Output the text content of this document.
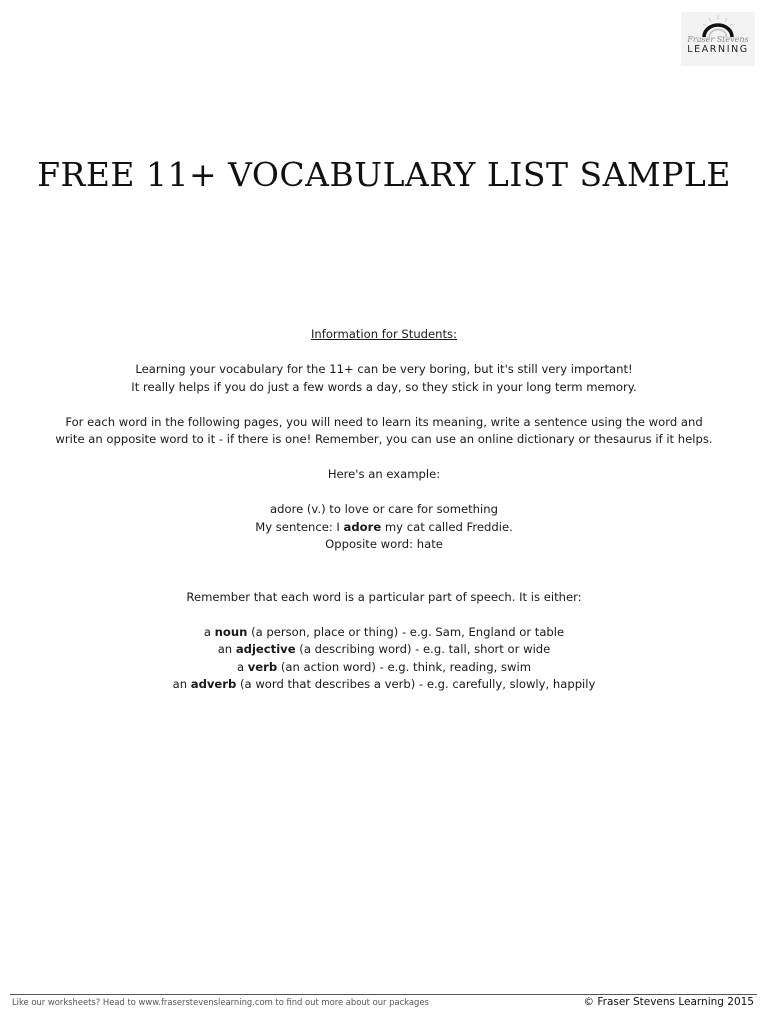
Fraser Stevens
LEARNING
FREE 11+ VOCABULARY LIST SAMPLE

Information for Students:

Learning your vocabulary for the 11+ can be very boring, but it's still very important!

It really helps if you do just a few words a day, so they stick in your long term memory.

For each word in the following pages, you will need to learn its meaning, write a sentence using the word and

write an opposite word to it - if there is one! Remember, you can use an online dictionary or thesaurus if it helps.

Here's an example:

adore (v.) to love or care for something

My sentence: I adore my cat called Freddie.

Opposite word: hate

Remember that each word is a particular part of speech. It is either:

a noun (a person, place or thing) - e.g. Sam, England or table

an adjective (a describing word) - e.g. tall, short or wide

a verb (an action word) - e.g. think, reading, swim

an adverb (a word that describes a verb) - e.g. carefully, slowly, happily

Like our worksheets? Head to www.fraserstevenslearning.com to find out more about our packages	© Fraser Stevens Learning 2015
